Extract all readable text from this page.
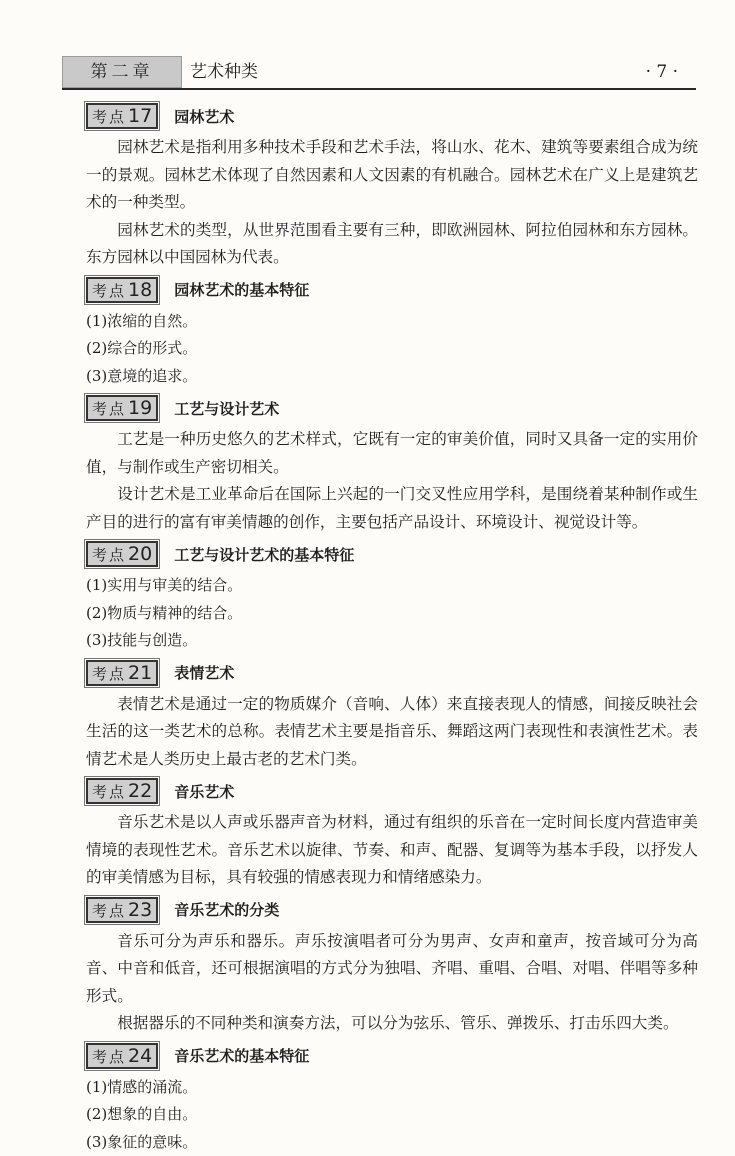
第二章	艺术种类	· 7 ·
考点 17	园林艺术

园林艺术是指利用多种技术手段和艺术手法，将山水、花木、建筑等要素组合成为统一的景观。园林艺术体现了自然因素和人文因素的有机融合。园林艺术在广义上是建筑艺术的一种类型。

园林艺术的类型，从世界范围看主要有三种，即欧洲园林、阿拉伯园林和东方园林。东方园林以中国园林为代表。

考点 18	园林艺术的基本特征

(1)浓缩的自然。

(2)综合的形式。

(3)意境的追求。

考点 19	工艺与设计艺术

工艺是一种历史悠久的艺术样式，它既有一定的审美价值，同时又具备一定的实用价值，与制作或生产密切相关。

设计艺术是工业革命后在国际上兴起的一门交叉性应用学科，是围绕着某种制作或生产目的进行的富有审美情趣的创作，主要包括产品设计、环境设计、视觉设计等。

考点 20	工艺与设计艺术的基本特征

(1)实用与审美的结合。

(2)物质与精神的结合。

(3)技能与创造。

考点 21	表情艺术

表情艺术是通过一定的物质媒介（音响、人体）来直接表现人的情感，间接反映社会生活的这一类艺术的总称。表情艺术主要是指音乐、舞蹈这两门表现性和表演性艺术。表情艺术是人类历史上最古老的艺术门类。

考点 22	音乐艺术

音乐艺术是以人声或乐器声音为材料，通过有组织的乐音在一定时间长度内营造审美情境的表现性艺术。音乐艺术以旋律、节奏、和声、配器、复调等为基本手段，以抒发人的审美情感为目标，具有较强的情感表现力和情绪感染力。

考点 23	音乐艺术的分类

音乐可分为声乐和器乐。声乐按演唱者可分为男声、女声和童声，按音域可分为高音、中音和低音，还可根据演唱的方式分为独唱、齐唱、重唱、合唱、对唱、伴唱等多种形式。

根据器乐的不同种类和演奏方法，可以分为弦乐、管乐、弹拨乐、打击乐四大类。

考点 24	音乐艺术的基本特征

(1)情感的涌流。

(2)想象的自由。

(3)象征的意味。
